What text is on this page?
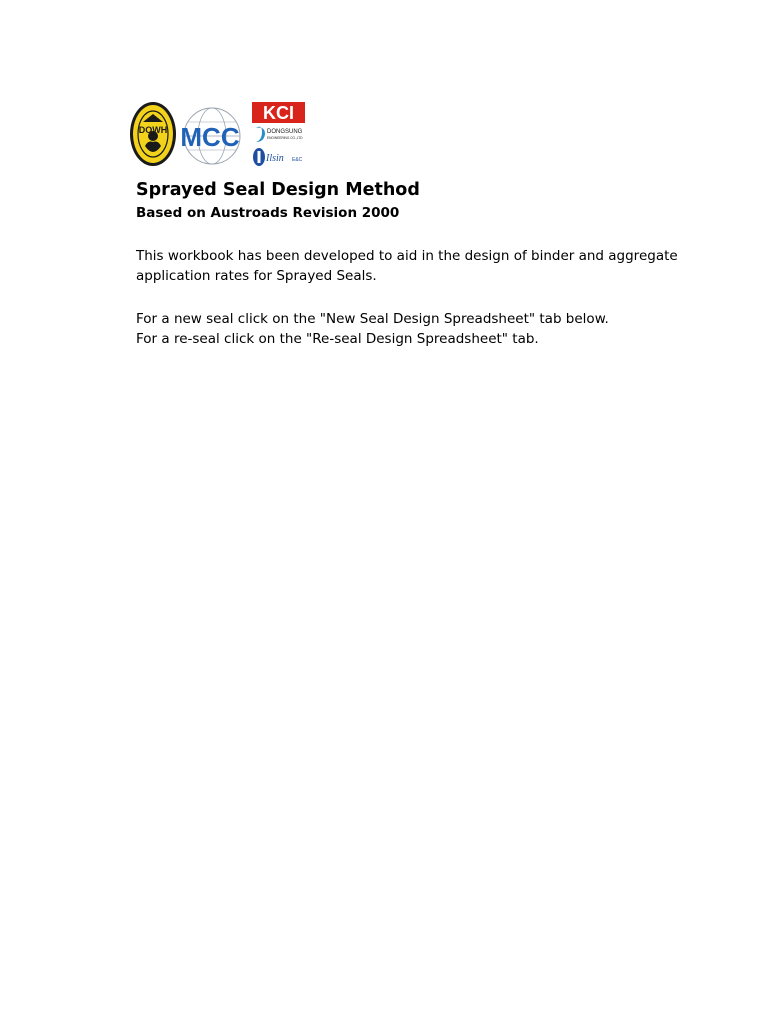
DOWH MCC
KCI
DONGSUNG
ENGINEERING CO.,LTD
Ilsin E&C
Sprayed Seal Design Method
Based on Austroads Revision 2000
This workbook has been developed to aid in the design of binder and aggregate
application rates for Sprayed Seals.
For a new seal click on the "New Seal Design Spreadsheet" tab below.
For a re-seal click on the "Re-seal Design Spreadsheet" tab.
